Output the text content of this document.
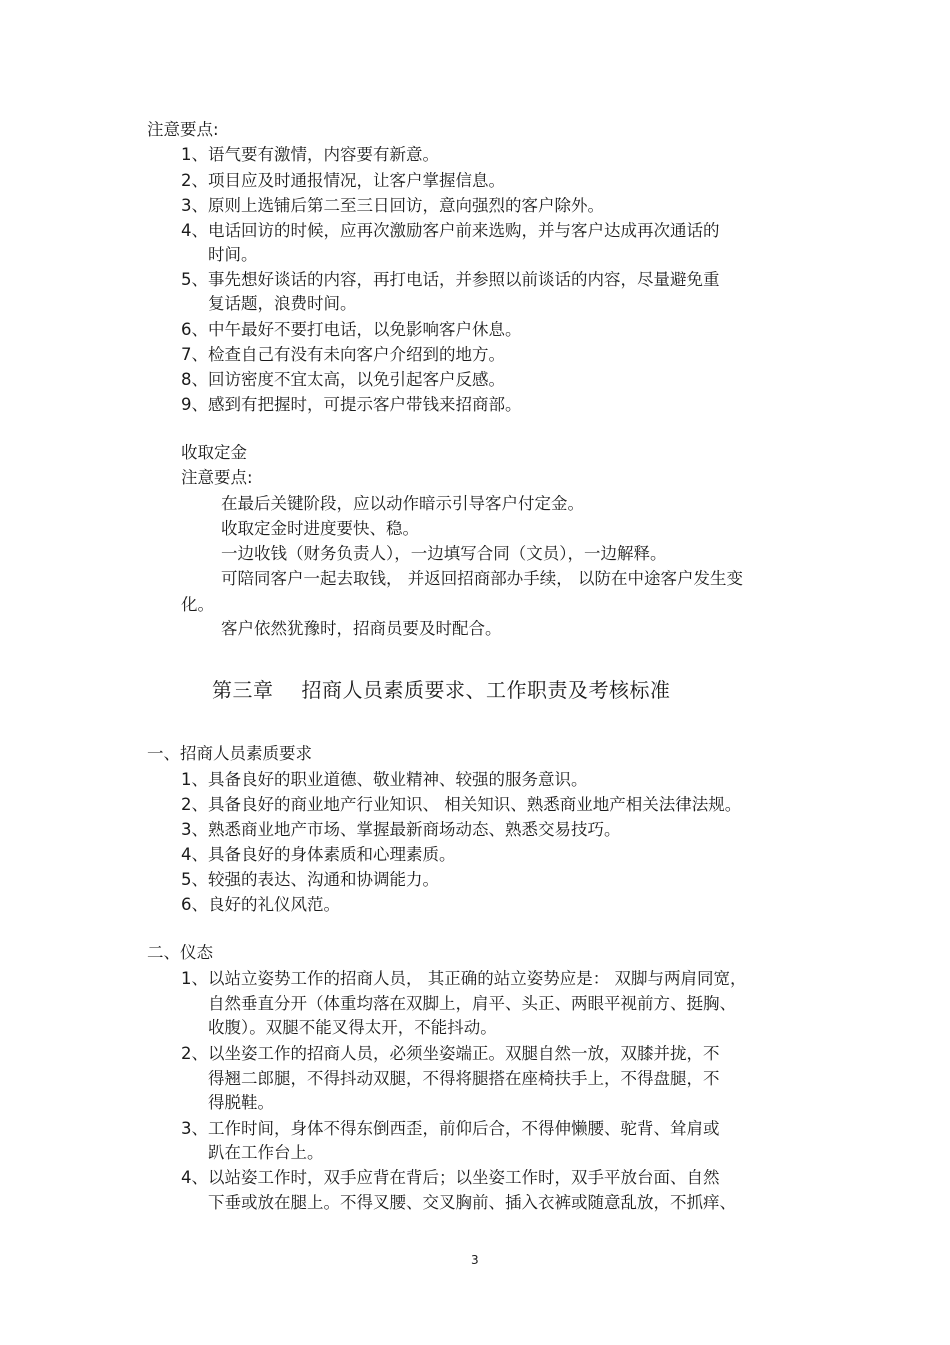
注意要点:
1、语气要有激情，内容要有新意。
2、项目应及时通报情况，让客户掌握信息。
3、原则上选铺后第二至三日回访，意向强烈的客户除外。
4、电话回访的时候，应再次激励客户前来选购，并与客户达成再次通话的
时间。
5、事先想好谈话的内容，再打电话，并参照以前谈话的内容，尽量避免重
复话题，浪费时间。
6、中午最好不要打电话，以免影响客户休息。
7、检查自己有没有未向客户介绍到的地方。
8、回访密度不宜太高，以免引起客户反感。
9、感到有把握时，可提示客户带钱来招商部。
收取定金
注意要点:
在最后关键阶段，应以动作暗示引导客户付定金。
收取定金时进度要快、稳。
一边收钱（财务负责人），一边填写合同（文员），一边解释。
可陪同客户一起去取钱， 并返回招商部办手续， 以防在中途客户发生变
化。
客户依然犹豫时，招商员要及时配合。
第三章 招商人员素质要求、工作职责及考核标准
一、招商人员素质要求
1、具备良好的职业道德、敬业精神、较强的服务意识。
2、具备良好的商业地产行业知识、 相关知识、熟悉商业地产相关法律法规。
3、熟悉商业地产市场、掌握最新商场动态、熟悉交易技巧。
4、具备良好的身体素质和心理素质。
5、较强的表达、沟通和协调能力。
6、良好的礼仪风范。
二、仪态
1、以站立姿势工作的招商人员， 其正确的站立姿势应是： 双脚与两肩同宽，
自然垂直分开（体重均落在双脚上，肩平、头正、两眼平视前方、挺胸、
收腹）。双腿不能叉得太开，不能抖动。
2、以坐姿工作的招商人员，必须坐姿端正。双腿自然一放，双膝并拢，不
得翘二郎腿，不得抖动双腿，不得将腿搭在座椅扶手上，不得盘腿，不
得脱鞋。
3、工作时间，身体不得东倒西歪，前仰后合，不得伸懒腰、驼背、耸肩或
趴在工作台上。
4、以站姿工作时，双手应背在背后；以坐姿工作时，双手平放台面、自然
下垂或放在腿上。不得叉腰、交叉胸前、插入衣裤或随意乱放，不抓痒、
3
